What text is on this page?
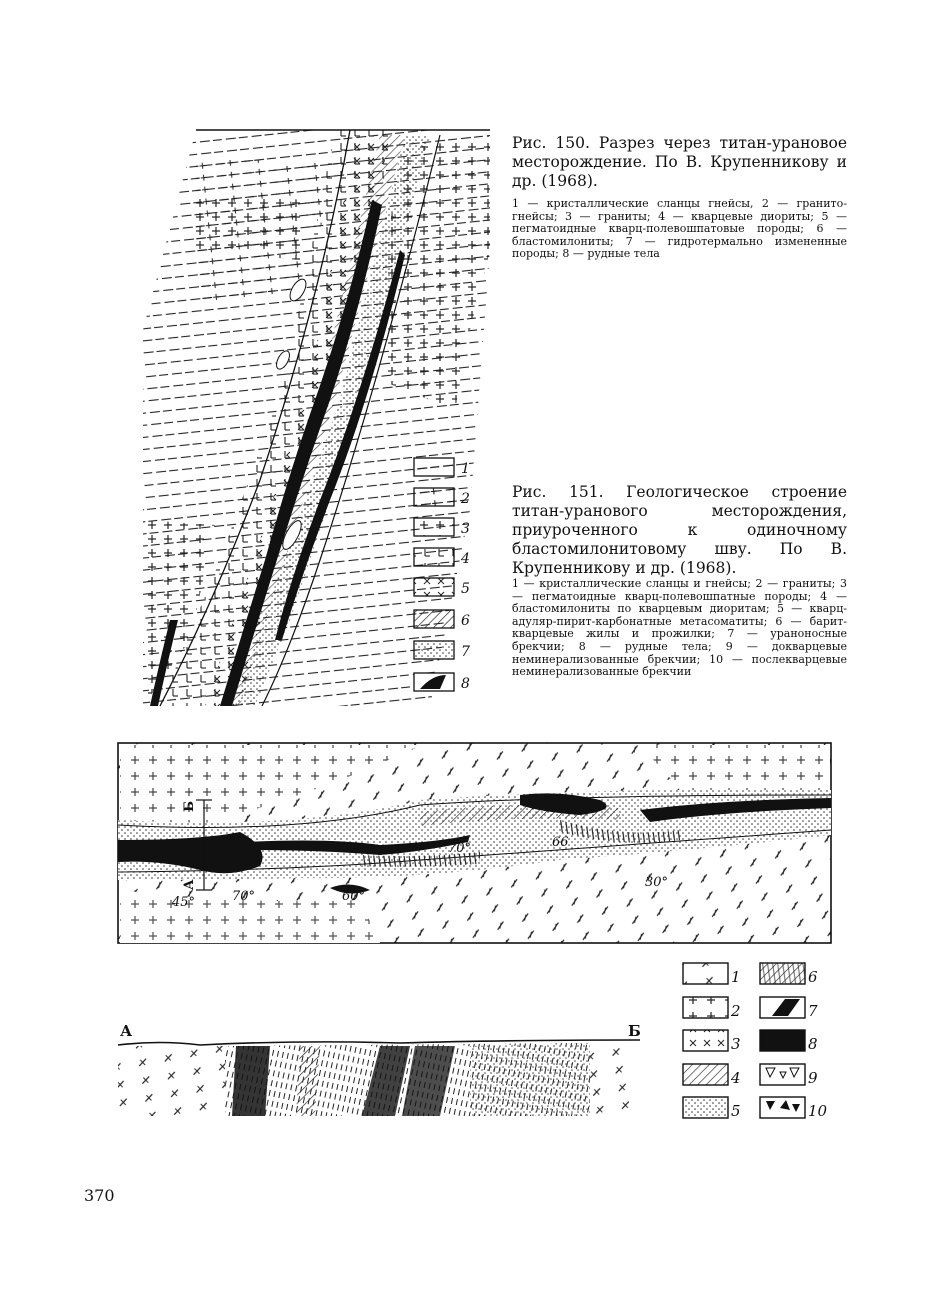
1
2
3
4
5
6
7
8
1
2
3
4
5
6
7
8
9
10
70°	66
45°	70°	60°
30°
А
Б
А	Б
Рис. 150. Разрез через титан-урановое месторождение. По В. Крупенникову и др. (1968).
1 — кристаллические сланцы гнейсы, 2 — гранито-гнейсы; 3 — граниты; 4 — кварцевые диориты; 5 — пегматоидные кварц-полевошпатовые породы; 6 — бластомилониты; 7 — гидротермально измененные породы; 8 — рудные тела
Рис. 151. Геологическое строение титан-уранового месторождения, приуроченного к одиночному бластомилонитовому шву. По В. Крупенникову и др. (1968).
1 — кристаллические сланцы и гнейсы; 2 — граниты; 3 — пегматоидные кварц-полевошпатные породы; 4 — бластомилониты по кварцевым диоритам; 5 — кварц-адуляр-пирит-карбонатные метасоматиты; 6 — барит-кварцевые жилы и прожилки; 7 — ураноносные брекчии; 8 — рудные тела; 9 — докварцевые неминерализованные брекчии; 10 — послекварцевые неминерализованные брекчии
370
